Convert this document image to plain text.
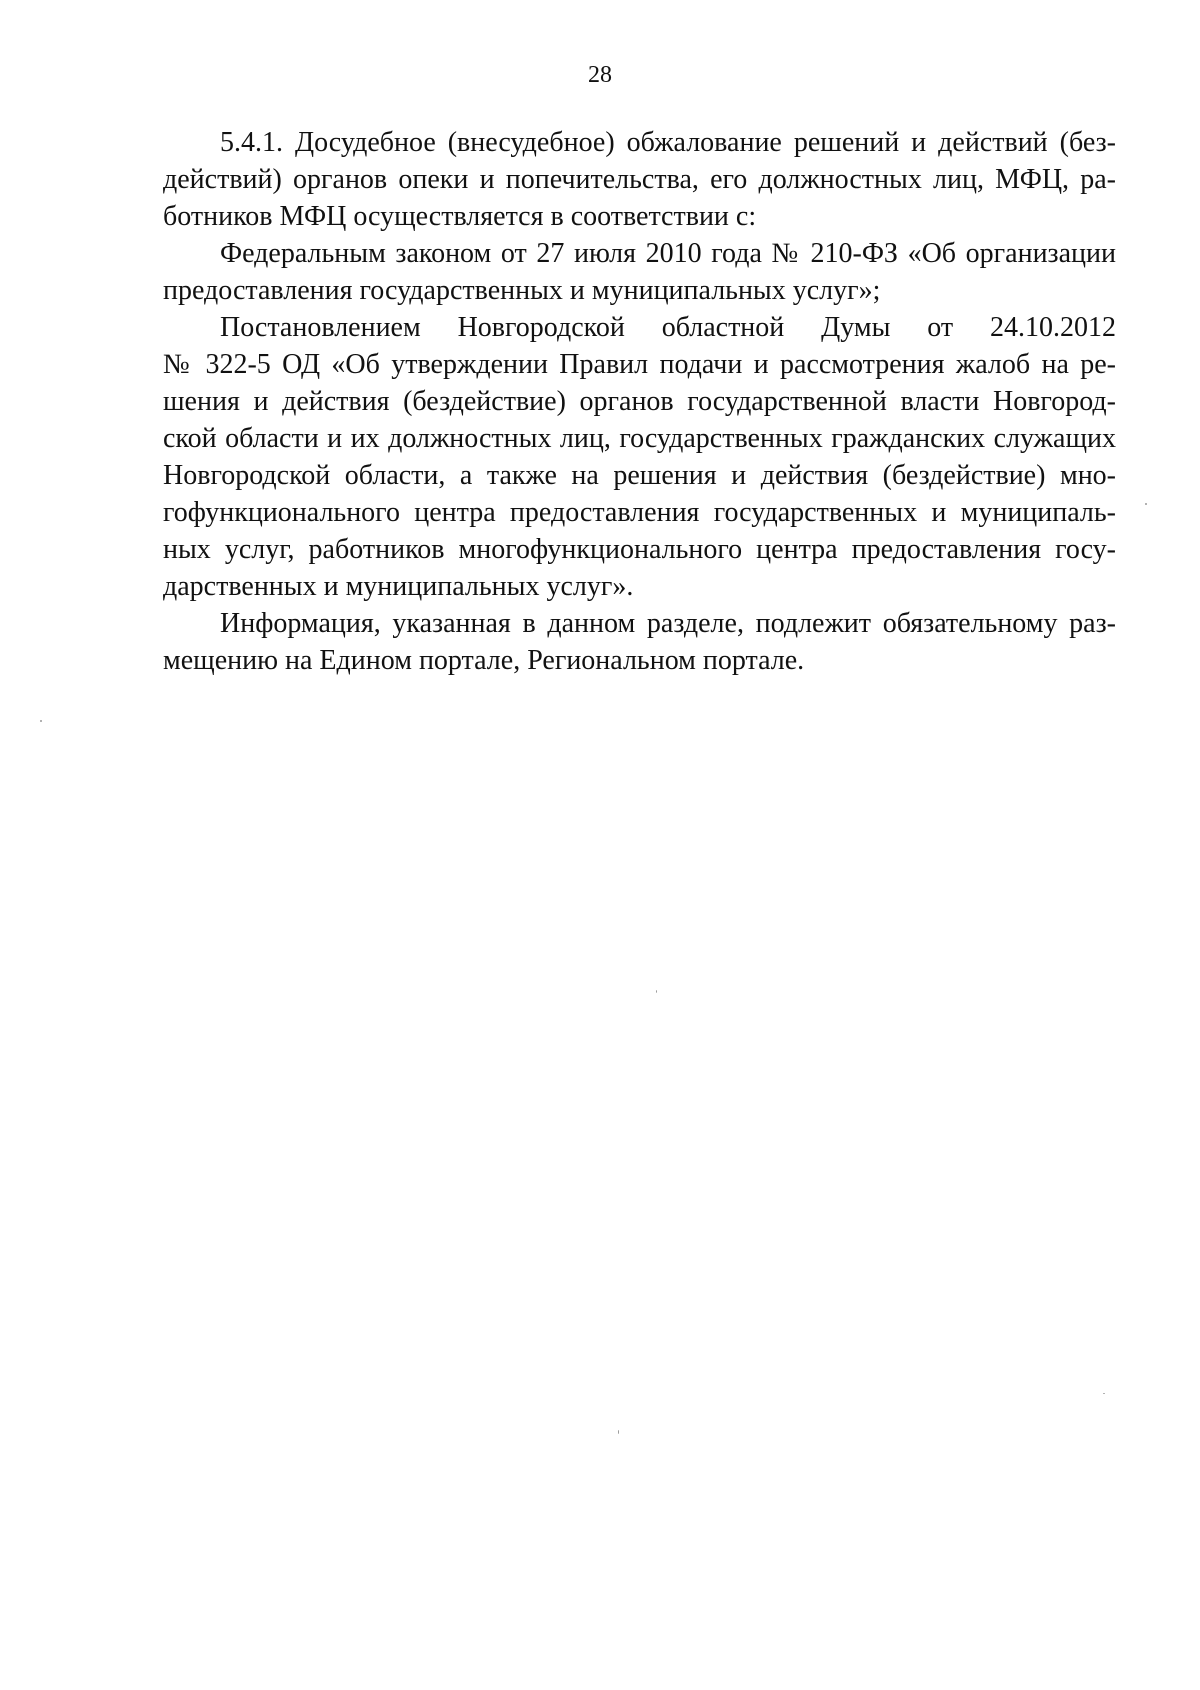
28

5.4.1. Досудебное (внесудебное) обжалование решений и действий (без-
действий) органов опеки и попечительства, его должностных лиц, МФЦ, ра-
ботников МФЦ осуществляется в соответствии с:

Федеральным законом от 27 июля 2010 года № 210-ФЗ «Об организации
предоставления государственных и муниципальных услуг»;

Постановлением Новгородской областной Думы от 24.10.2012
№ 322-5 ОД «Об утверждении Правил подачи и рассмотрения жалоб на ре-
шения и действия (бездействие) органов государственной власти Новгород-
ской области и их должностных лиц, государственных гражданских служащих
Новгородской области, а также на решения и действия (бездействие) мно-
гофункционального центра предоставления государственных и муниципаль-
ных услуг, работников многофункционального центра предоставления госу-
дарственных и муниципальных услуг».

Информация, указанная в данном разделе, подлежит обязательному раз-
мещению на Едином портале, Региональном портале.
